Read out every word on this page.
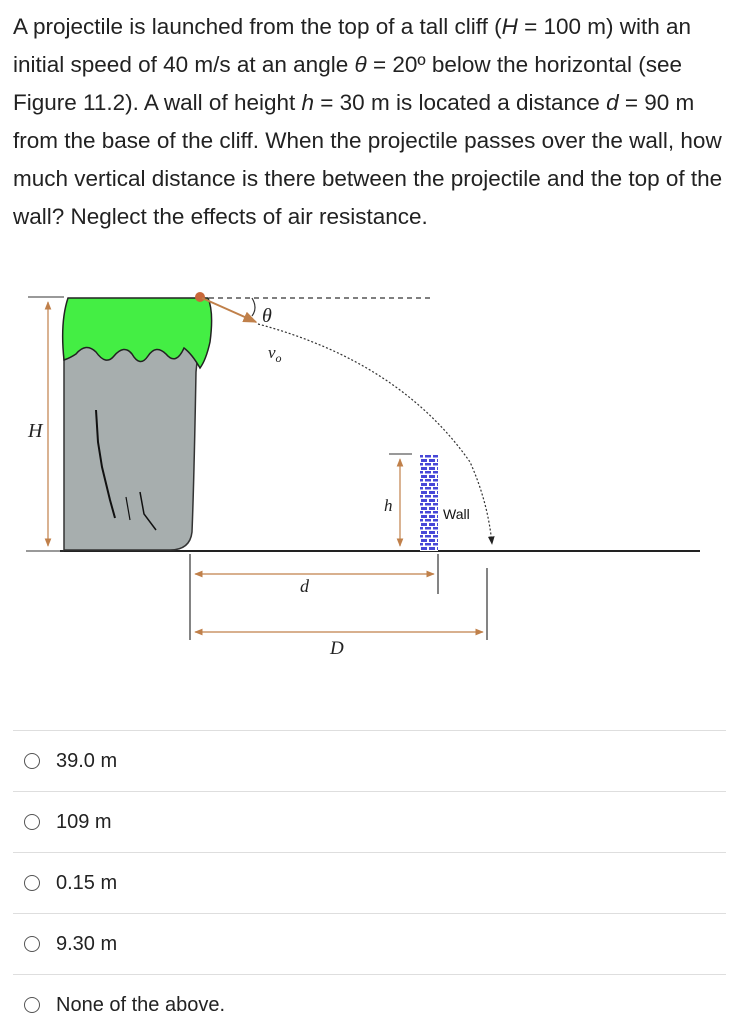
A projectile is launched from the top of a tall cliff (H = 100 m) with an initial speed of 40 m/s at an angle θ = 20º below the horizontal (see Figure 11.2). A wall of height h = 30 m is located a distance d = 90 m from the base of the cliff. When the projectile passes over the wall, how much vertical distance is there between the projectile and the top of the wall? Neglect the effects of air resistance.

H
θ
$v_o$
Wall
h
d
D
39.0 m
109 m
0.15 m
9.30 m
None of the above.
